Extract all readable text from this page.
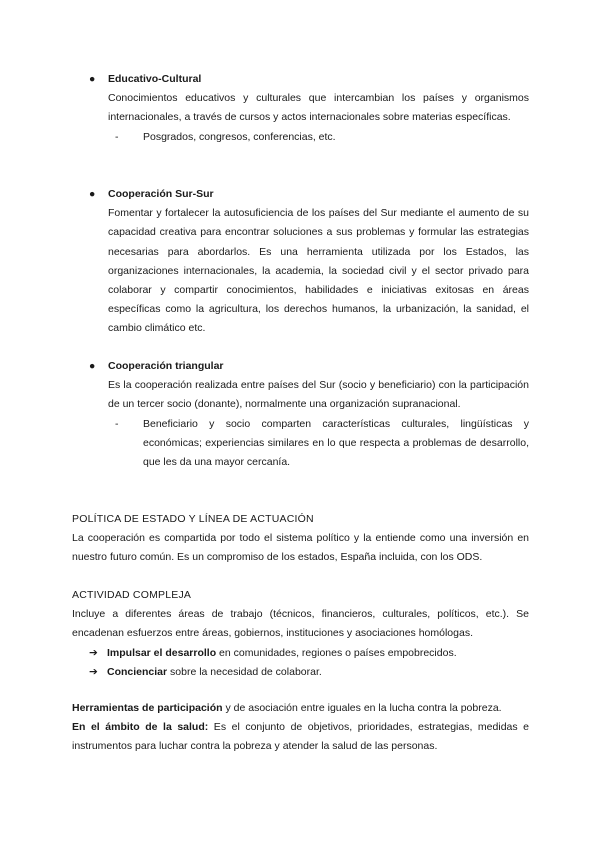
● Educativo-Cultural
Conocimientos educativos y culturales que intercambian los países y organismos internacionales, a través de cursos y actos internacionales sobre materias específicas.
- Posgrados, congresos, conferencias, etc.
● Cooperación Sur-Sur
Fomentar y fortalecer la autosuficiencia de los países del Sur mediante el aumento de su capacidad creativa para encontrar soluciones a sus problemas y formular las estrategias necesarias para abordarlos. Es una herramienta utilizada por los Estados, las organizaciones internacionales, la academia, la sociedad civil y el sector privado para colaborar y compartir conocimientos, habilidades e iniciativas exitosas en áreas específicas como la agricultura, los derechos humanos, la urbanización, la sanidad, el cambio climático etc.
● Cooperación triangular
Es la cooperación realizada entre países del Sur (socio y beneficiario) con la participación de un tercer socio (donante), normalmente una organización supranacional.
- Beneficiario y socio comparten características culturales, lingüísticas y económicas; experiencias similares en lo que respecta a problemas de desarrollo, que les da una mayor cercanía.
POLÍTICA DE ESTADO Y LÍNEA DE ACTUACIÓN
La cooperación es compartida por todo el sistema político y la entiende como una inversión en nuestro futuro común. Es un compromiso de los estados, España incluida, con los ODS.
ACTIVIDAD COMPLEJA
Incluye a diferentes áreas de trabajo (técnicos, financieros, culturales, políticos, etc.). Se encadenan esfuerzos entre áreas, gobiernos, instituciones y asociaciones homólogas.
➔ Impulsar el desarrollo en comunidades, regiones o países empobrecidos.
➔ Concienciar sobre la necesidad de colaborar.
Herramientas de participación y de asociación entre iguales en la lucha contra la pobreza.
En el ámbito de la salud: Es el conjunto de objetivos, prioridades, estrategias, medidas e instrumentos para luchar contra la pobreza y atender la salud de las personas.
